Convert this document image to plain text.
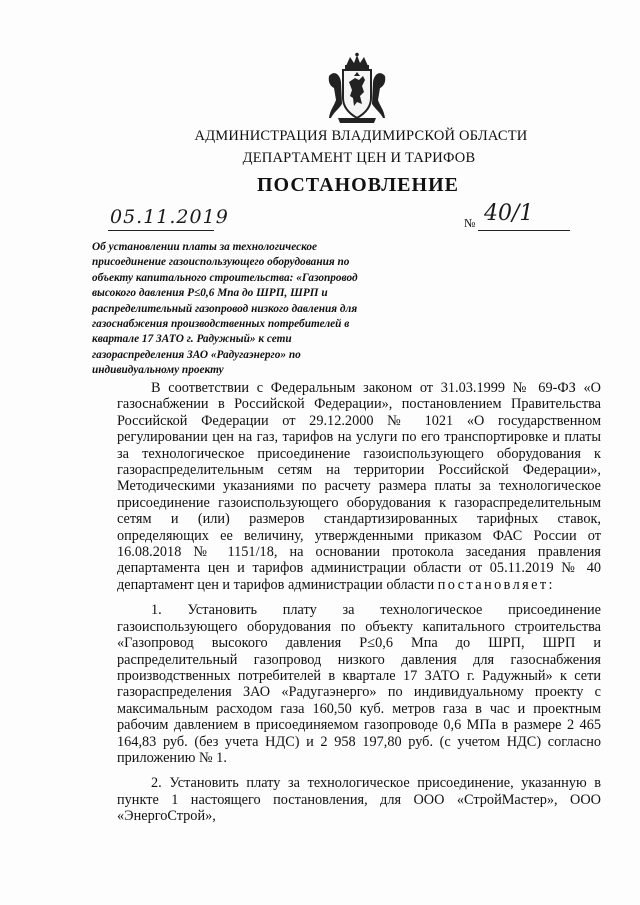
АДМИНИСТРАЦИЯ ВЛАДИМИРСКОЙ ОБЛАСТИ
ДЕПАРТАМЕНТ ЦЕН И ТАРИФОВ
ПОСТАНОВЛЕНИЕ
05.11.2019	№ 40/1
Об установлении платы за технологическое присоединение газоиспользующего оборудования по объекту капитального строительства: «Газопровод высокого давления Р≤0,6 Мпа до ШРП, ШРП и распределительный газопровод низкого давления для газоснабжения производственных потребителей в квартале 17 ЗАТО г. Радужный» к сети газораспределения ЗАО «Радугаэнерго» по индивидуальному проекту

В соответствии с Федеральным законом от 31.03.1999 № 69-ФЗ «О газоснабжении в Российской Федерации», постановлением Правительства Российской Федерации от 29.12.2000 № 1021 «О государственном регулировании цен на газ, тарифов на услуги по его транспортировке и платы за технологическое присоединение газоиспользующего оборудования к газораспределительным сетям на территории Российской Федерации», Методическими указаниями по расчету размера платы за технологическое присоединение газоиспользующего оборудования к газораспределительным сетям и (или) размеров стандартизированных тарифных ставок, определяющих ее величину, утвержденными приказом ФАС России от 16.08.2018 № 1151/18, на основании протокола заседания правления департамента цен и тарифов администрации области от 05.11.2019 № 40 департамент цен и тарифов администрации области постановляет:

1. Установить плату за технологическое присоединение газоиспользующего оборудования по объекту капитального строительства «Газопровод высокого давления Р≤0,6 Мпа до ШРП, ШРП и распределительный газопровод низкого давления для газоснабжения производственных потребителей в квартале 17 ЗАТО г. Радужный» к сети газораспределения ЗАО «Радугаэнерго» по индивидуальному проекту с максимальным расходом газа 160,50 куб. метров газа в час и проектным рабочим давлением в присоединяемом газопроводе 0,6 МПа в размере 2 465 164,83 руб. (без учета НДС) и 2 958 197,80 руб. (с учетом НДС) согласно приложению № 1.

2. Установить плату за технологическое присоединение, указанную в пункте 1 настоящего постановления, для ООО «СтройМастер», ООО «ЭнергоСтрой»,
